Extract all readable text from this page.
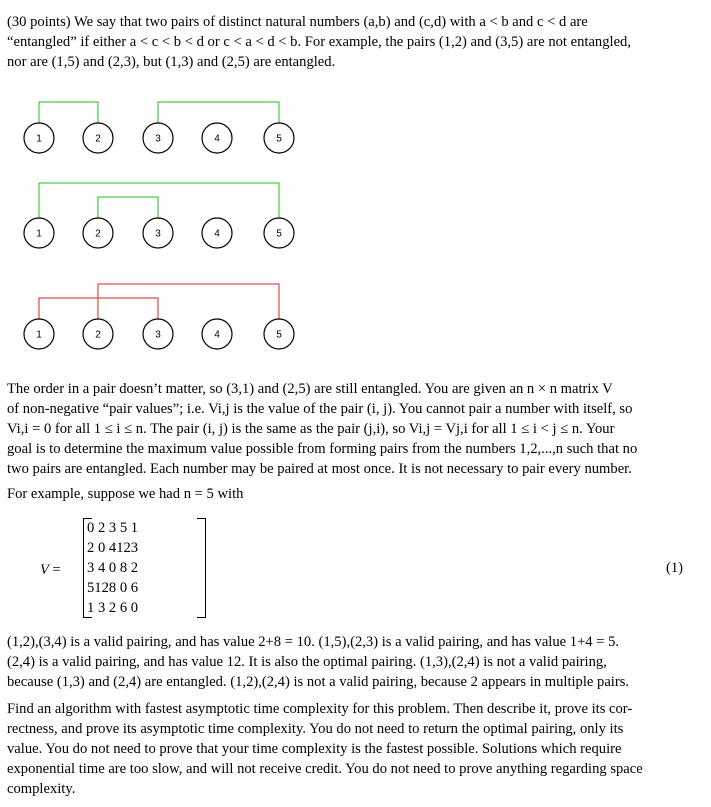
(30 points) We say that two pairs of distinct natural numbers (a,b) and (c,d) with a < b and c < d are
“entangled” if either a < c < b < d or c < a < d < b. For example, the pairs (1,2) and (3,5) are not entangled,
nor are (1,5) and (2,3), but (1,3) and (2,5) are entangled.
1	2	3	4	5
1	2	3	4	5
1	2	3	4	5
The order in a pair doesn’t matter, so (3,1) and (2,5) are still entangled. You are given an n × n matrix V
of non-negative “pair values”; i.e. Vi,j is the value of the pair (i, j). You cannot pair a number with itself, so
Vi,i = 0 for all 1 ≤ i ≤ n. The pair (i, j) is the same as the pair (j,i), so Vi,j = Vj,i for all 1 ≤ i < j ≤ n. Your
goal is to determine the maximum value possible from forming pairs from the numbers 1,2,...,n such that no
two pairs are entangled. Each number may be paired at most once. It is not necessary to pair every number.
For example, suppose we had n = 5 with
V =
0	2	3	5	1
2	0	4	12	3
3	4	0	8	2
5	12	8	0	6
1	3	2	6	0
(1)
(1,2),(3,4) is a valid pairing, and has value 2+8 = 10. (1,5),(2,3) is a valid pairing, and has value 1+4 = 5.
(2,4) is a valid pairing, and has value 12. It is also the optimal pairing. (1,3),(2,4) is not a valid pairing,
because (1,3) and (2,4) are entangled. (1,2),(2,4) is not a valid pairing, because 2 appears in multiple pairs.
Find an algorithm with fastest asymptotic time complexity for this problem. Then describe it, prove its cor-
rectness, and prove its asymptotic time complexity. You do not need to return the optimal pairing, only its
value. You do not need to prove that your time complexity is the fastest possible. Solutions which require
exponential time are too slow, and will not receive credit. You do not need to prove anything regarding space
complexity.
